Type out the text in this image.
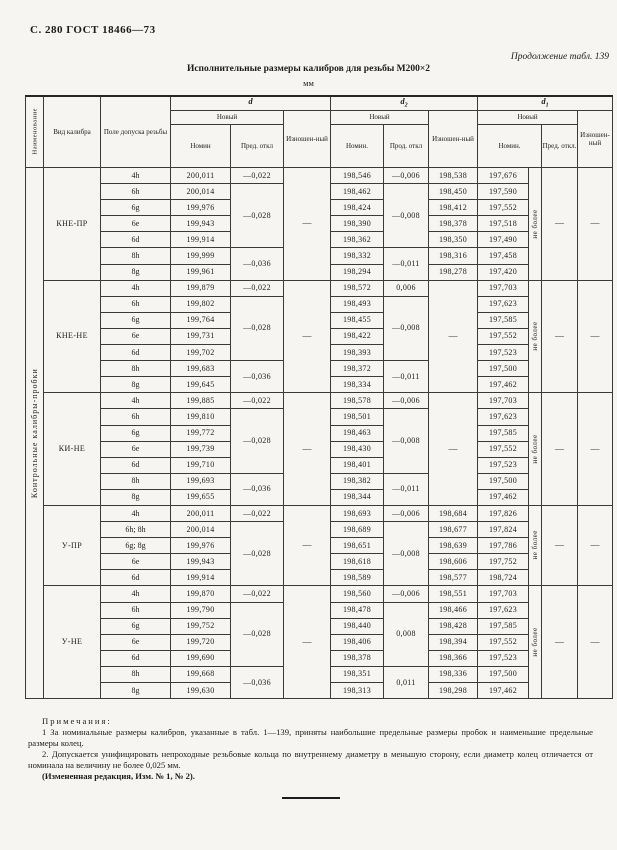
С. 280 ГОСТ 18466—73
Продолжение табл. 139
Исполнительные размеры калибров для резьбы М200×2
мм
Наименование	Вид калибра	Поле допуска резьбы	d			$d_2$			$d_1$
			Новый		Изношен-ный	Новый		Изношен-ный	Новый			Изношен-ный
			Номин	Пред. откл		Номин.	Прод. откл		Номин.		Пред. откл.	
Контрольные калибры-пробки	КНЕ-ПР	4h	200,011	—0,022	—	198,546	—0,006	198,538	197,676	не более	—	—
		6h	200,014	—0,028		198,462	—0,008	198,450	197,590			
		6g	199,976			198,424		198,412	197,552			
		6e	199,943			198,390		198,378	197,518			
		6d	199,914			198,362		198,350	197,490			
		8h	199,999	—0,036		198,332	—0,011	198,316	197,458			
		8g	199,961			198,294		198,278	197,420			
	КНЕ-НЕ	4h	199,879	—0,022	—	198,572	0,006	—	197,703	не более	—	—
		6h	199,802	—0,028		198,493	—0,008		197,623			
		6g	199,764			198,455			197,585			
		6e	199,731			198,422			197,552			
		6d	199,702			198,393			197,523			
		8h	199,683	—0,036		198,372	—0,011		197,500			
		8g	199,645			198,334			197,462			
	КИ-НЕ	4h	199,885	—0,022	—	198,578	—0,006	—	197,703	не более	—	—
		6h	199,810	—0,028		198,501	—0,008		197,623			
		6g	199,772			198,463			197,585			
		6e	199,739			198,430			197,552			
		6d	199,710			198,401			197,523			
		8h	199,693	—0,036		198,382	—0,011		197,500			
		8g	199,655			198,344			197,462			
	У-ПР	4h	200,011	—0,022	—	198,693	—0,006	198,684	197,826	не более	—	—
		6h; 8h	200,014	—0,028		198,689	—0,008	198,677	197,824			
		6g; 8g	199,976			198,651		198,639	197,786			
		6e	199,943			198,618		198,606	197,752			
		6d	199,914			198,589		198,577	198,724			
	У-НЕ	4h	199,870	—0,022	—	198,560	—0,006	198,551	197,703	не более	—	—
		6h	199,790	—0,028		198,478	0,008	198,466	197,623			
		6g	199,752			198,440		198,428	197,585			
		6e	199,720			198,406		198,394	197,552			
		6d	199,690			198,378		198,366	197,523			
		8h	199,668	—0,036		198,351	0,011	198,336	197,500			
		8g	199,630			198,313		198,298	197,462			
Примечания:

1 За номинальные размеры калибров, указанные в табл. 1—139, приняты наибольшие предельные размеры пробок и наименьшие предельные размеры колец.

2. Допускается унифицировать непроходные резьбовые кольца по внутреннему диаметру в меньшую сторону, если диаметр колец отличается от номинала на величину не более 0,025 мм.

(Измененная редакция, Изм. № 1, № 2).
